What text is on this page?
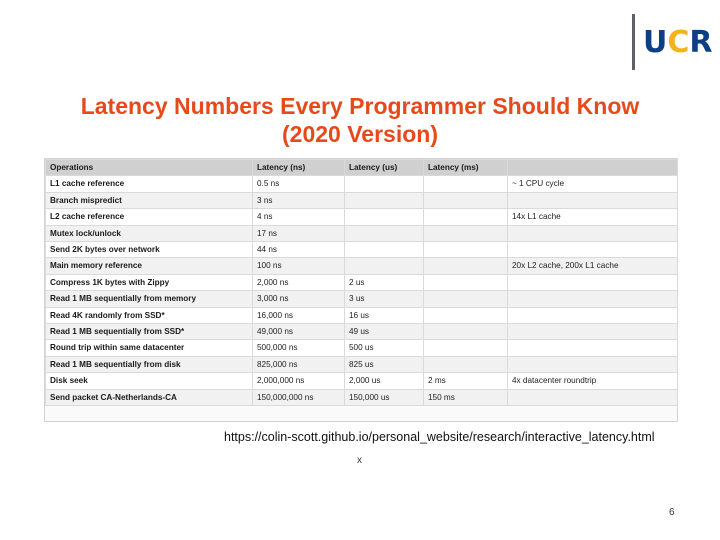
UCR
Latency Numbers Every Programmer Should Know
(2020 Version)
Operations	Latency (ns)	Latency (us)	Latency (ms)	
L1 cache reference	0.5 ns			~ 1 CPU cycle
Branch mispredict	3 ns			
L2 cache reference	4 ns			14x L1 cache
Mutex lock/unlock	17 ns			
Send 2K bytes over network	44 ns			
Main memory reference	100 ns			20x L2 cache, 200x L1 cache
Compress 1K bytes with Zippy	2,000 ns	2 us		
Read 1 MB sequentially from memory	3,000 ns	3 us		
Read 4K randomly from SSD*	16,000 ns	16 us		
Read 1 MB sequentially from SSD*	49,000 ns	49 us		
Round trip within same datacenter	500,000 ns	500 us		
Read 1 MB sequentially from disk	825,000 ns	825 us		
Disk seek	2,000,000 ns	2,000 us	2 ms	4x datacenter roundtrip
Send packet CA-Netherlands-CA	150,000,000 ns	150,000 us	150 ms	
https://colin-scott.github.io/personal_website/research/interactive_latency.html
x
6
